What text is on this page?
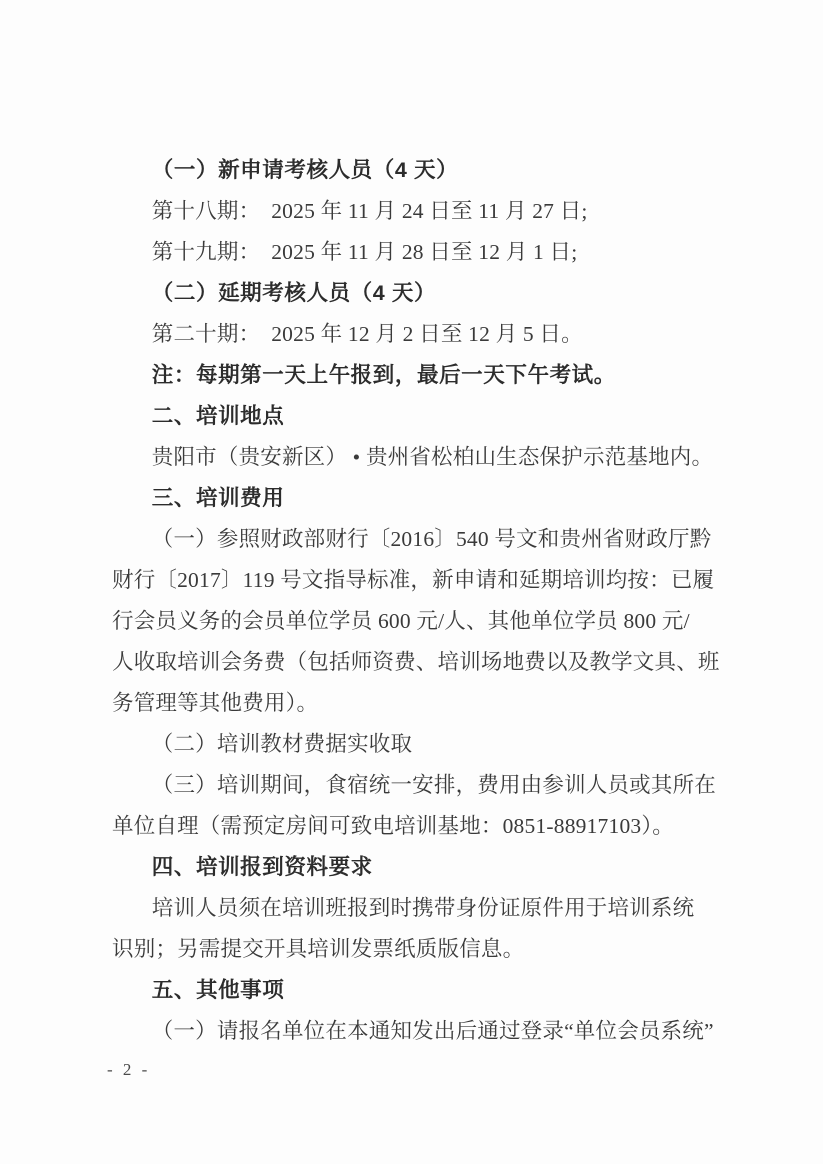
（一）新申请考核人员（4 天）
第十八期：　2025 年 11 月 24 日至 11 月 27 日;
第十九期：　2025 年 11 月 28 日至 12 月 1 日;
（二）延期考核人员（4 天）
第二十期：　2025 年 12 月 2 日至 12 月 5 日。
注：每期第一天上午报到，最后一天下午考试。
二、培训地点
贵阳市（贵安新区） • 贵州省松柏山生态保护示范基地内。
三、培训费用
（一）参照财政部财行〔2016〕540 号文和贵州省财政厅黔
财行〔2017〕119 号文指导标准，新申请和延期培训均按：已履
行会员义务的会员单位学员 600 元/人、其他单位学员 800 元/
人收取培训会务费（包括师资费、培训场地费以及教学文具、班
务管理等其他费用）。
（二）培训教材费据实收取
（三）培训期间，食宿统一安排，费用由参训人员或其所在
单位自理（需预定房间可致电培训基地：0851-88917103）。
四、培训报到资料要求
培训人员须在培训班报到时携带身份证原件用于培训系统
识别；另需提交开具培训发票纸质版信息。
五、其他事项
（一）请报名单位在本通知发出后通过登录“单位会员系统”
- 2 -
